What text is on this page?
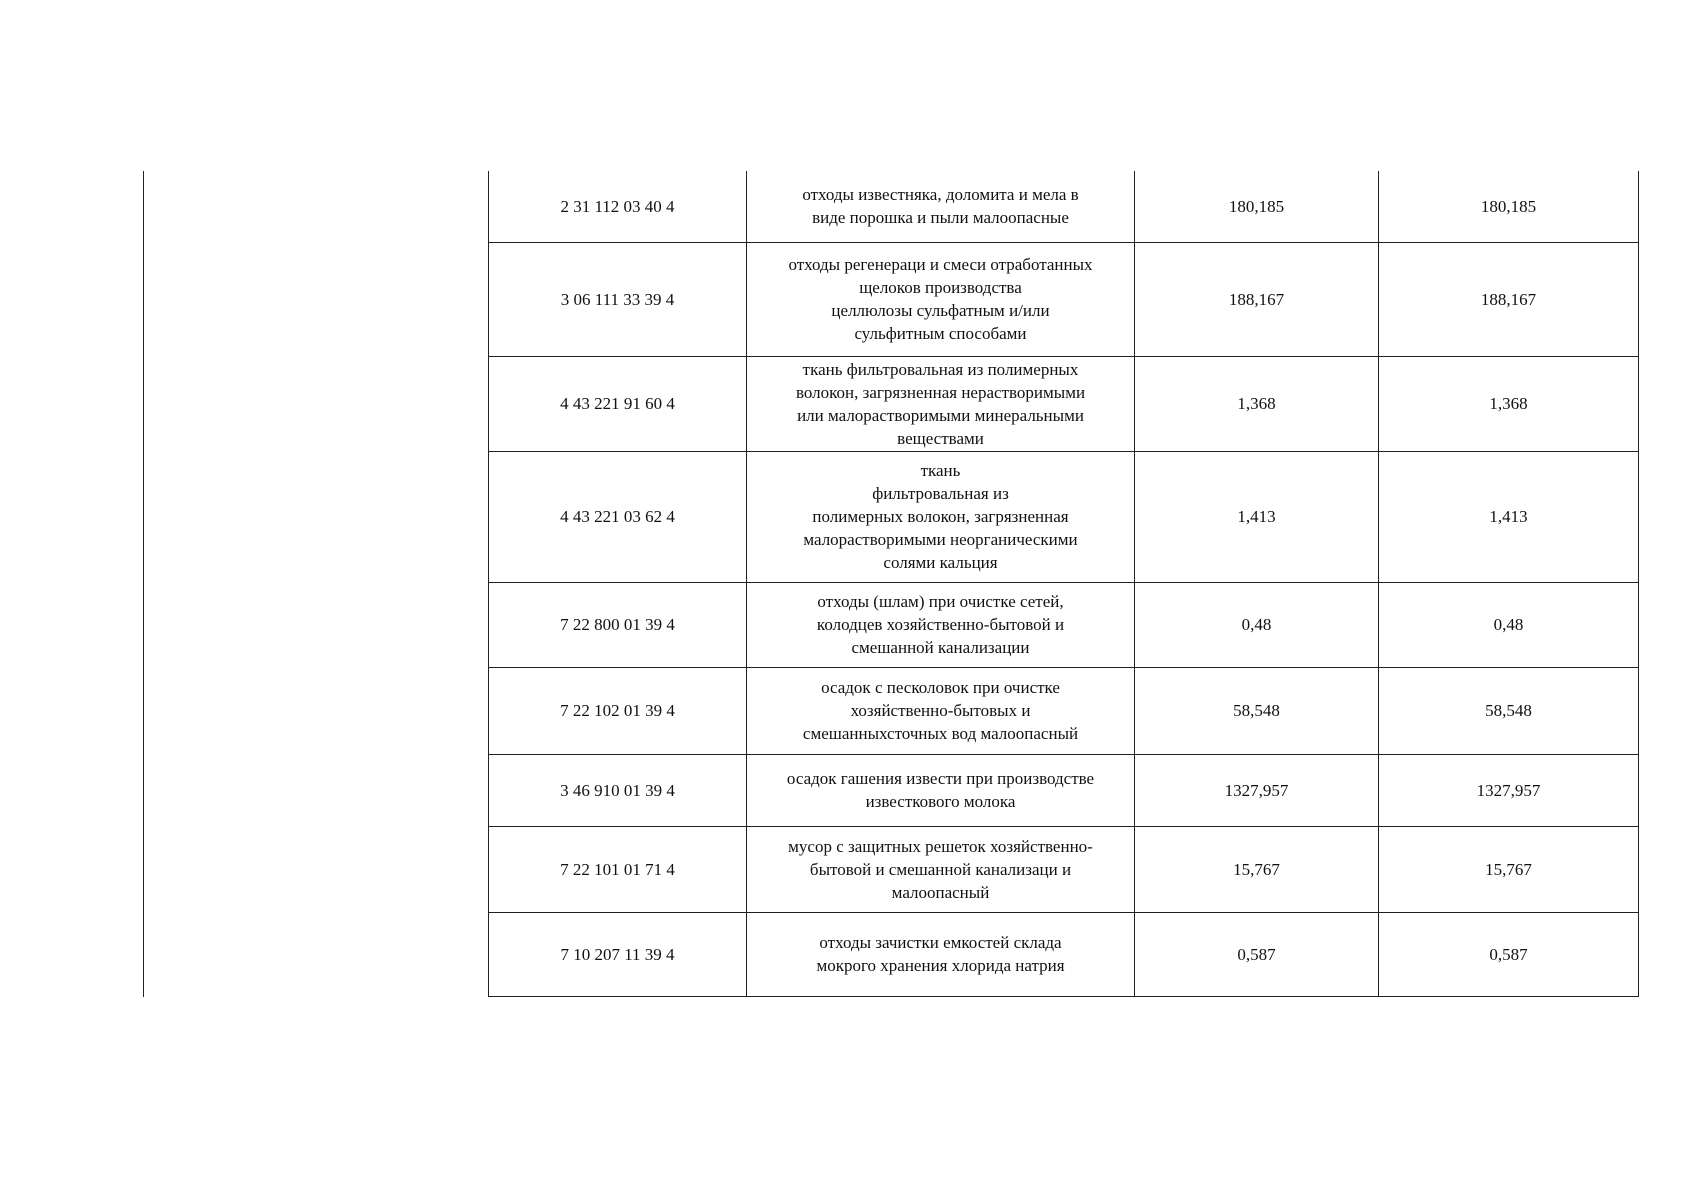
2 31 112 03 40 4	отходы известняка, доломита и мела в
виде порошка и пыли малоопасные	180,185	180,185
3 06 111 33 39 4	отходы регенераци и смеси отработанных
щелоков производства
целлюлозы сульфатным и/или
сульфитным способами	188,167	188,167
4 43 221 91 60 4	ткань фильтровальная из полимерных
волокон, загрязненная нерастворимыми
или малорастворимыми минеральными
веществами	1,368	1,368
4 43 221 03 62 4	ткань
фильтровальная из
полимерных волокон, загрязненная
малорастворимыми неорганическими
солями кальция	1,413	1,413
7 22 800 01 39 4	отходы (шлам) при очистке сетей,
колодцев хозяйственно-бытовой и
смешанной канализации	0,48	0,48
7 22 102 01 39 4	осадок с песколовок при очистке
хозяйственно-бытовых и
смешанныхсточных вод малоопасный	58,548	58,548
3 46 910 01 39 4	осадок гашения извести при производстве
известкового молока	1327,957	1327,957
7 22 101 01 71 4	мусор с защитных решеток хозяйственно-
бытовой и смешанной канализаци и
малоопасный	15,767	15,767
7 10 207 11 39 4	отходы зачистки емкостей склада
мокрого хранения хлорида натрия	0,587	0,587
